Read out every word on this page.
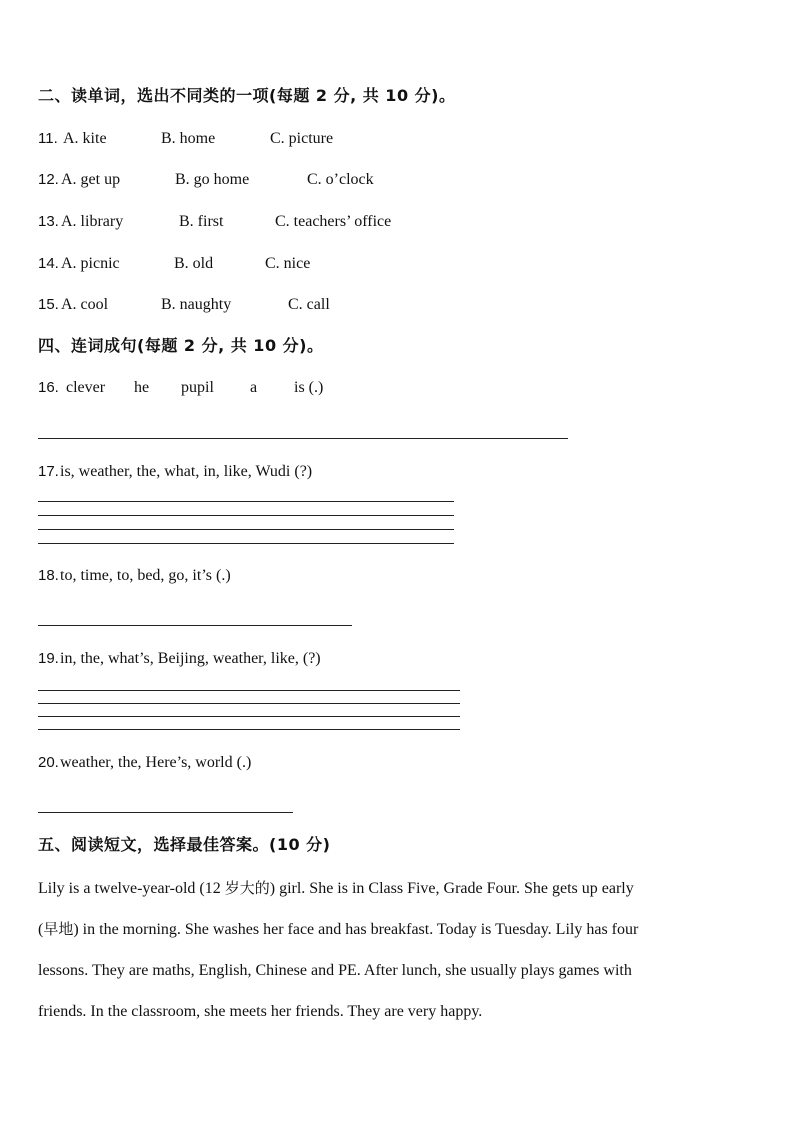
二、读单词，选出不同类的一项(每题 2 分, 共 10 分)。
11. A. kite	B. home	C. picture
12. A. get up	B. go home	C. o’clock
13. A. library	B. first	C. teachers’ office
14. A. picnic	B. old	C. nice
15. A. cool	B. naughty	C. call
四、连词成句(每题 2 分, 共 10 分)。
16. clever he pupil a is (.)
17. is, weather, the, what, in, like, Wudi (?)
18. to, time, to, bed, go, it’s (.)
19. in, the, what’s, Beijing, weather, like, (?)
20. weather, the, Here’s, world (.)
五、阅读短文，选择最佳答案。(10 分)
Lily is a twelve-year-old (12 岁大的) girl. She is in Class Five, Grade Four. She gets up early
(早地) in the morning. She washes her face and has breakfast. Today is Tuesday. Lily has four
lessons. They are maths, English, Chinese and PE. After lunch, she usually plays games with
friends. In the classroom, she meets her friends. They are very happy.
